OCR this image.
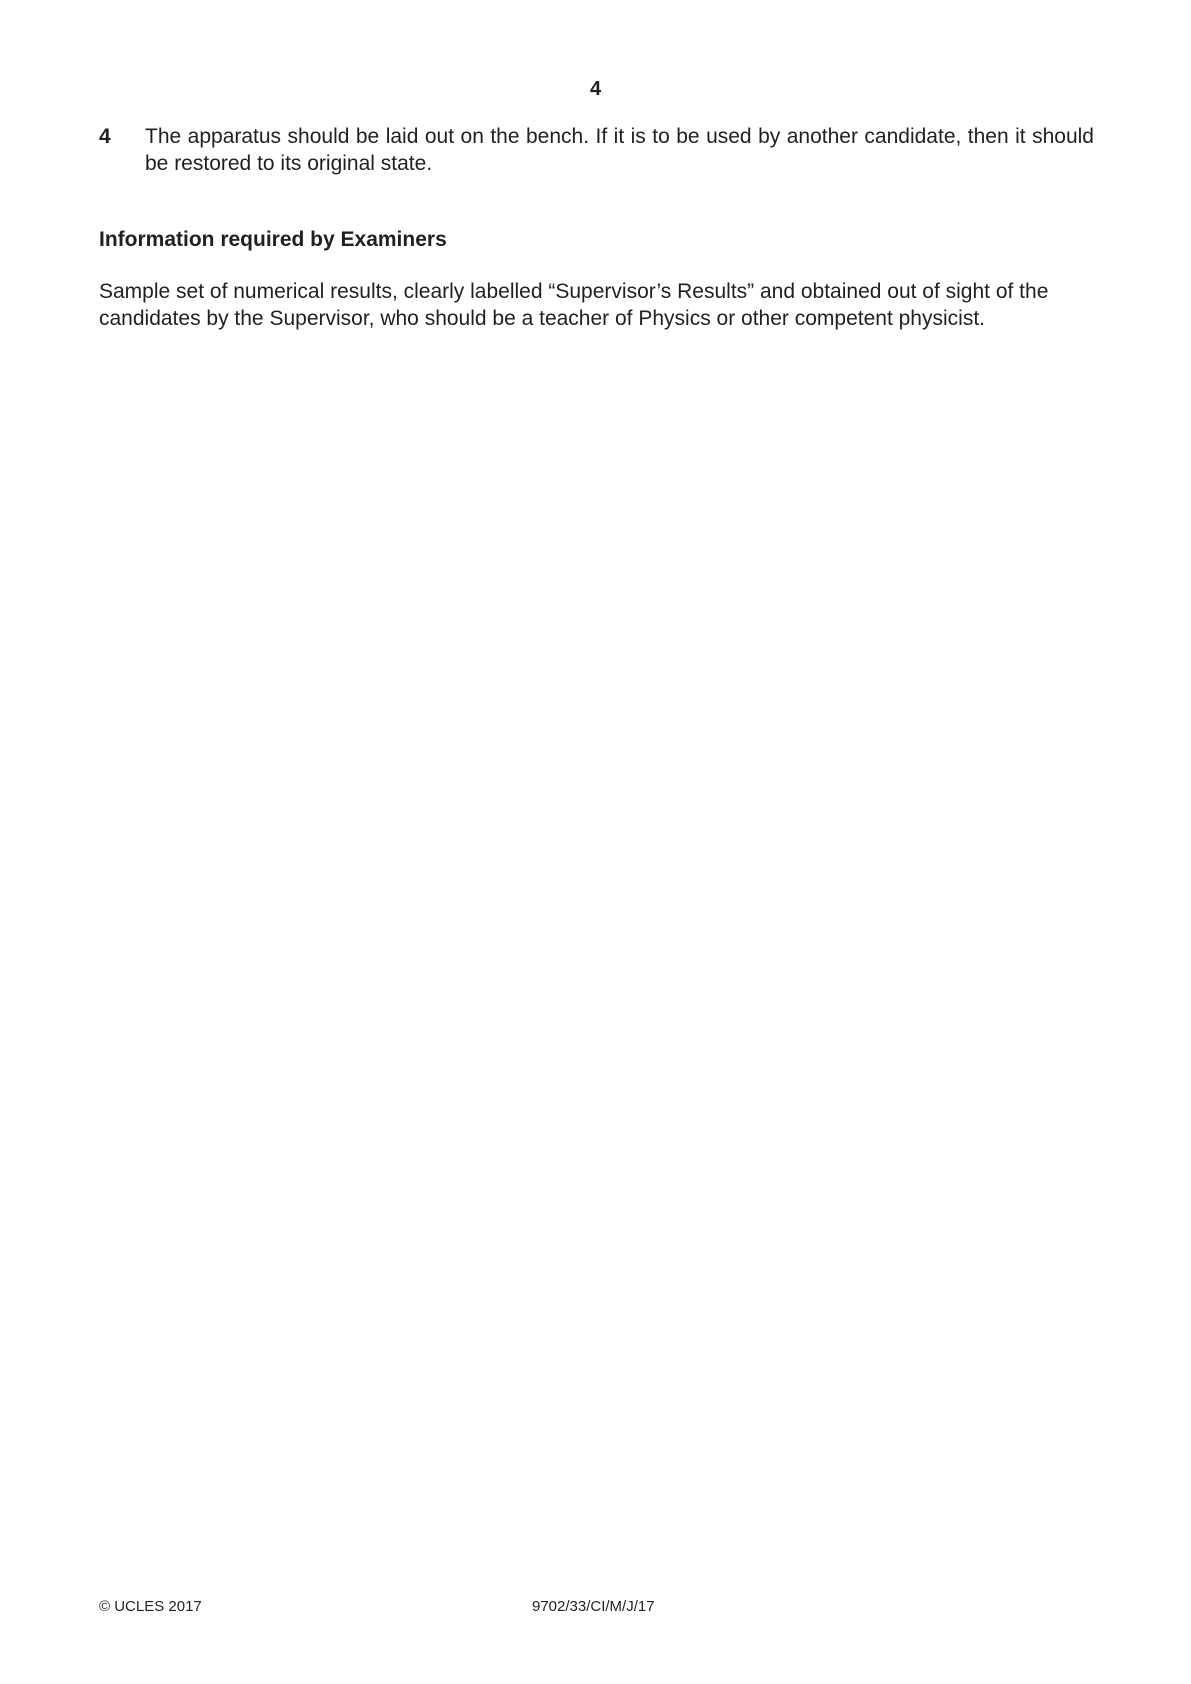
4
4 The apparatus should be laid out on the bench. If it is to be used by another candidate, then it should be restored to its original state.
Information required by Examiners

Sample set of numerical results, clearly labelled “Supervisor’s Results” and obtained out of sight of the candidates by the Supervisor, who should be a teacher of Physics or other competent physicist.

© UCLES 2017	9702/33/CI/M/J/17
